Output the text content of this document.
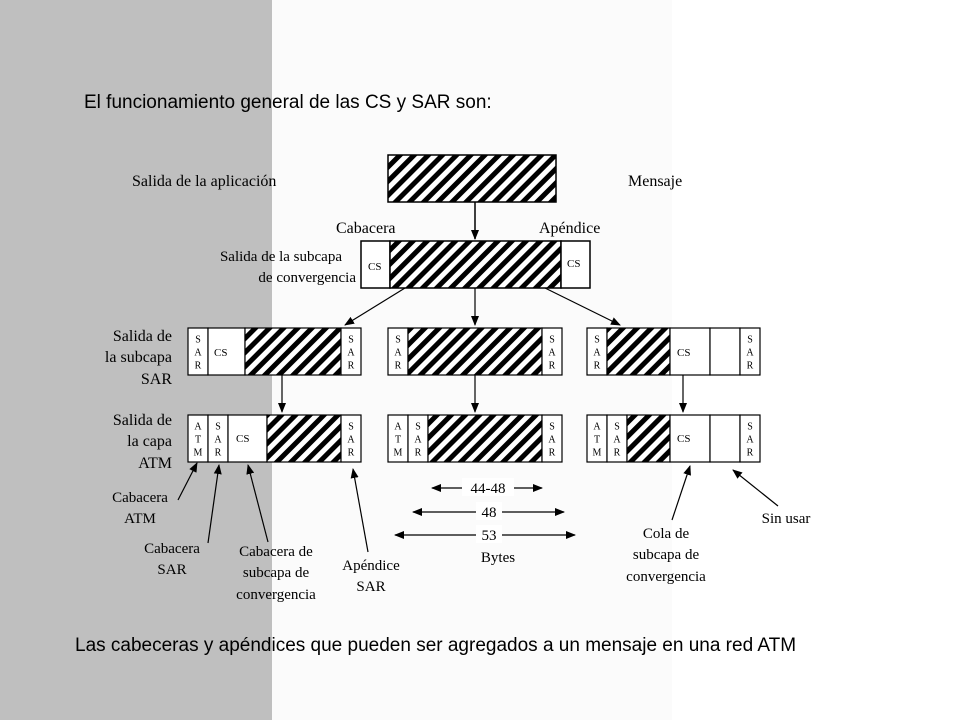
El funcionamiento general de las CS y SAR son:
Salida de la aplicación	Mensaje
Cabacera	Apéndice
Salida de la subcapa
de convergencia
CS	CS
Salida de
la subcapa
SAR
S
A
R
CS
S
A
R
S
A
R
S
A
R
S
A
R
CS
S
A
R
Salida de
la capa
ATM
A
T
M
S
A
R
CS
S
A
R
A
T
M
S
A
R
S
A
R
A
T
M
S
A
R
CS
S
A
R
44-48
48
53
Bytes
Cabacera
ATM
Cabacera
SAR
Cabacera de
subcapa de
convergencia
Apéndice
SAR
Cola de
subcapa de
convergencia
Sin usar
Las cabeceras y apéndices que pueden ser agregados a un mensaje en una red ATM
